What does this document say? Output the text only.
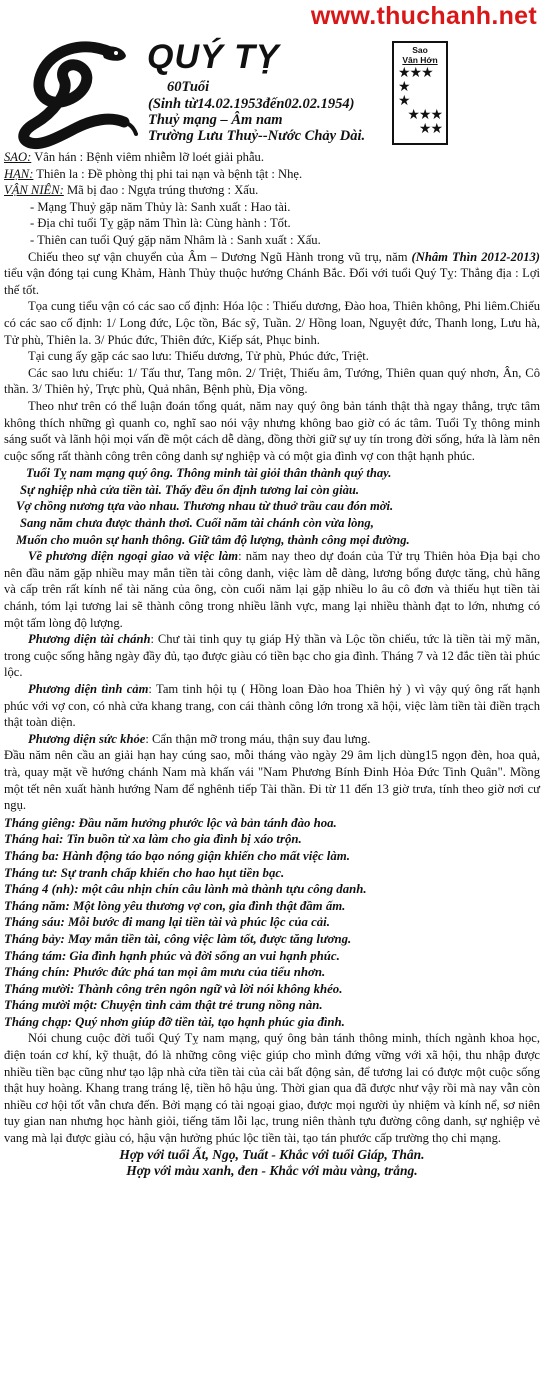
www.thuchanh.net
QUÝ TỴ
60Tuổi
(Sinh từ14.02.1953đến02.02.1954)
Thuỷ mạng – Âm nam
Trường Lưu Thuỷ--Nước Chảy Dài.
Sao
Vân Hớn
★★★
★
★
★★★
★★

SAO: Vân hán : Bệnh viêm nhiễm lỡ loét giải phẫu.

HẠN: Thiên la : Đề phòng thị phi tai nạn và bệnh tật : Nhẹ.

VẬN NIÊN: Mã bị đao : Ngựa trúng thương : Xấu.

- Mạng Thuỷ gặp năm Thủy là: Sanh xuất : Hao tài.

- Địa chỉ tuổi Tỵ gặp năm Thìn là: Cùng hành : Tốt.

- Thiên can tuổi Quý gặp năm Nhâm là : Sanh xuất : Xấu.

Chiếu theo sự vận chuyển của Âm – Dương Ngũ Hành trong vũ trụ, năm (Nhâm Thìn 2012-2013) tiểu vận đóng tại cung Khảm, Hành Thủy thuộc hướng Chánh Bắc. Đối với tuổi Quý Tỵ: Thẳng địa : Lợi thế tốt.

Tọa cung tiểu vận có các sao cố định: Hóa lộc : Thiếu dương, Đào hoa, Thiên không, Phi liêm.Chiếu có các sao cố định: 1/ Long đức, Lộc tồn, Bác sỹ, Tuần. 2/ Hồng loan, Nguyệt đức, Thanh long, Lưu hà, Tử phù, Thiên la. 3/ Phúc đức, Thiên đức, Kiếp sát, Phục binh.

Tại cung ấy gặp các sao lưu: Thiếu dương, Tử phù, Phúc đức, Triệt.

Các sao lưu chiếu: 1/ Tấu thư, Tang môn. 2/ Triệt, Thiếu âm, Tướng, Thiên quan quý nhơn, Ân, Cô thần. 3/ Thiên hỷ, Trực phù, Quả nhân, Bệnh phù, Địa võng.

Theo như trên có thể luận đoán tổng quát, năm nay quý ông bản tánh thật thà ngay thẳng, trực tâm không thích những gì quanh co, nghĩ sao nói vậy nhưng không bao giờ có ác tâm. Tuổi Tỵ thông minh sáng suốt và lãnh hội mọi vấn đề một cách dễ dàng, đồng thời giữ sự uy tín trong đời sống, hứa là làm nên cuộc sống rất thành công trên công danh sự nghiệp và có một gia đình vợ con thật hạnh phúc.

Tuổi Tỵ nam mạng quý ông. Thông minh tài giỏi thân thành quý thay.

Sự nghiệp nhà cửa tiền tài. Thấy đều ổn định tương lai còn giàu.

Vợ chồng nương tựa vào nhau. Thương nhau từ thuở trầu cau đón mời.

Sang năm chưa được thảnh thơi. Cuối năm tài chánh còn vừa lòng,

Muốn cho muôn sự hanh thông. Giữ tâm độ lượng, thành công mọi đường.

Về phương diện ngoại giao và việc làm: năm nay theo dự đoán của Tử trụ Thiên hỏa Địa bại cho nên đầu năm gặp nhiều may mắn tiền tài công danh, việc làm dễ dàng, lương bổng được tăng, chủ hãng và cấp trên rất kính nể tài năng của ông, còn cuối năm lại gặp nhiều lo âu cô đơn và thiếu hụt tiền tài chánh, tóm lại tương lai sẽ thành công trong nhiều lãnh vực, mang lại nhiều thành đạt to lớn, nhưng có một tấm lòng độ lượng.

Phương diện tài chánh: Chư tài tinh quy tụ giáp Hỷ thần và Lộc tồn chiếu, tức là tiền tài mỹ mãn, trong cuộc sống hằng ngày đầy đủ, tạo được giàu có tiền bạc cho gia đình. Tháng 7 và 12 đắc tiền tài phúc lộc.

Phương diện tình cảm: Tam tinh hội tụ ( Hồng loan Đào hoa Thiên hỷ ) vì vậy quý ông rất hạnh phúc với vợ con, có nhà cửa khang trang, con cái thành công lớn trong xã hội, việc làm tiền tài điền trạch thật toàn diện.

Phương diện sức khỏe: Cẩn thận mỡ trong máu, thận suy đau lưng.

Đầu năm nên cầu an giải hạn hay cúng sao, mỗi tháng vào ngày 29 âm lịch dùng15 ngọn đèn, hoa quả, trà, quay mặt về hướng chánh Nam mà khấn vái "Nam Phương Bính Đinh Hỏa Đức Tinh Quân". Mồng một tết nên xuất hành hướng Nam để nghênh tiếp Tài thần. Đi từ 11 đến 13 giờ trưa, tính theo giờ nơi cư ngụ.

Tháng giêng: Đầu năm hưởng phước lộc và bản tánh đào hoa.

Tháng hai: Tin buồn từ xa làm cho gia đình bị xáo trộn.

Tháng ba: Hành động táo bạo nóng giận khiến cho mất việc làm.

Tháng tư: Sự tranh chấp khiến cho hao hụt tiền bạc.

Tháng 4 (nh): một câu nhịn chín câu lành mà thành tựu công danh.

Tháng năm: Một lòng yêu thương vợ con, gia đình thật đầm ấm.

Tháng sáu: Mỗi bước đi mang lại tiền tài và phúc lộc của cải.

Tháng bảy: May mắn tiền tài, công việc làm tốt, được tăng lương.

Tháng tám: Gia đình hạnh phúc và đời sống an vui hạnh phúc.

Tháng chín: Phước đức phá tan mọi âm mưu của tiểu nhơn.

Tháng mười: Thành công trên ngôn ngữ và lời nói không khéo.

Tháng mười một: Chuyện tình cảm thật trẻ trung nồng nàn.

Tháng chạp: Quý nhơn giúp đỡ tiền tài, tạo hạnh phúc gia đình.

Nói chung cuộc đời tuổi Quý Tỵ nam mạng, quý ông bản tánh thông minh, thích ngành khoa học, điện toán cơ khí, kỹ thuật, đó là những công việc giúp cho mình đứng vững với xã hội, thu nhập được nhiều tiền bạc cũng như tạo lập nhà cửa tiền tài của cải bất động sản, để tương lai có được một cuộc sống thật huy hoàng. Khang trang tráng lệ, tiền hô hậu ủng. Thời gian qua đã được như vậy rồi mà nay vẫn còn nhiều cơ hội tốt vẫn chưa đến. Bởi mạng có tài ngoại giao, được mọi người ủy nhiệm và kính nể, sơ niên tuy gian nan nhưng học hành giỏi, tiếng tăm lỗi lạc, trung niên thành tựu đường công danh, sự nghiệp vẻ vang mà lại được giàu có, hậu vận hưởng phúc lộc tiền tài, tạo tán phước cấp trường thọ chi mạng.

Hợp với tuổi Ất, Ngọ, Tuất - Khắc với tuổi Giáp, Thân.

Hợp với màu xanh, đen - Khắc với màu vàng, trắng.
